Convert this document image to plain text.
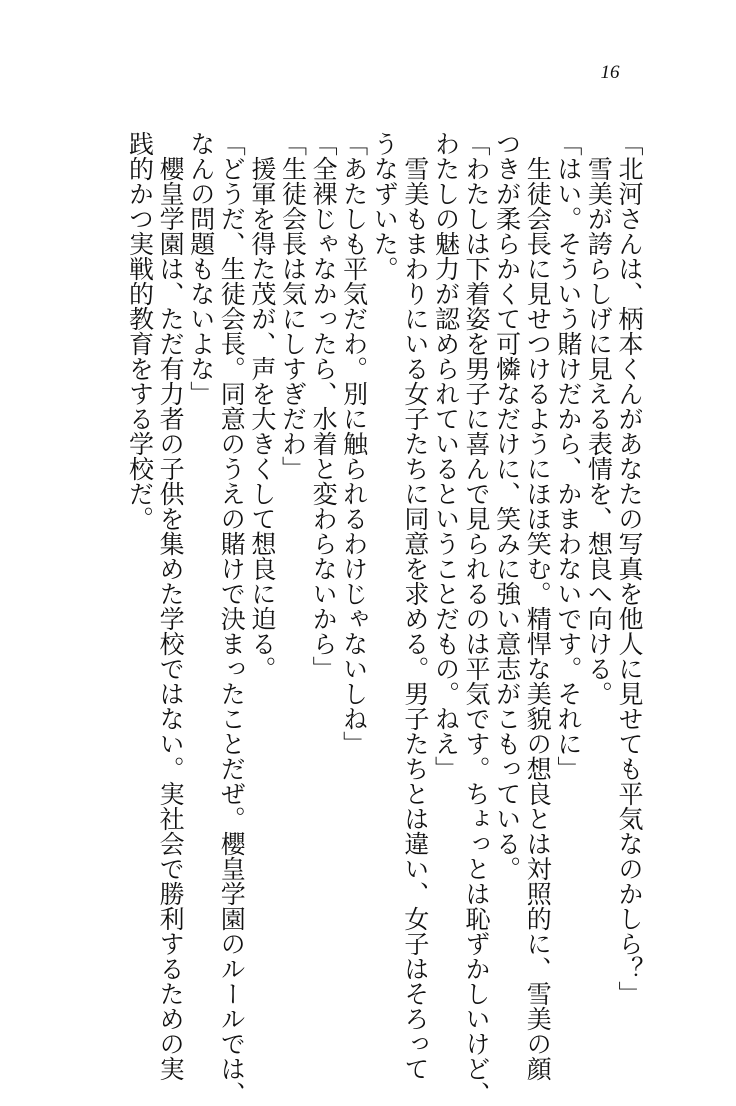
16
「北河さんは、柄本くんがあなたの写真を他人に見せても平気なのかしら？」
　雪美が誇らしげに見える表情を、想良へ向ける。
「はい。そういう賭けだから、かまわないです。それに」
　生徒会長に見せつけるようにほほ笑む。精悍な美貌の想良とは対照的に、雪美の顔
つきが柔らかくて可憐なだけに、笑みに強い意志がこもっている。
「わたしは下着姿を男子に喜んで見られるのは平気です。ちょっとは恥ずかしいけど、
わたしの魅力が認められているということだもの。ねえ」
　雪美もまわりにいる女子たちに同意を求める。男子たちとは違い、女子はそろって
うなずいた。
「あたしも平気だわ。別に触られるわけじゃないしね」
「全裸じゃなかったら、水着と変わらないから」
「生徒会長は気にしすぎだわ」
　援軍を得た茂が、声を大きくして想良に迫る。
「どうだ、生徒会長。同意のうえの賭けで決まったことだぜ。櫻皇学園のルールでは、
なんの問題もないよな」
　櫻皇学園は、ただ有力者の子供を集めた学校ではない。実社会で勝利するための実
践的かつ実戦的教育をする学校だ。
